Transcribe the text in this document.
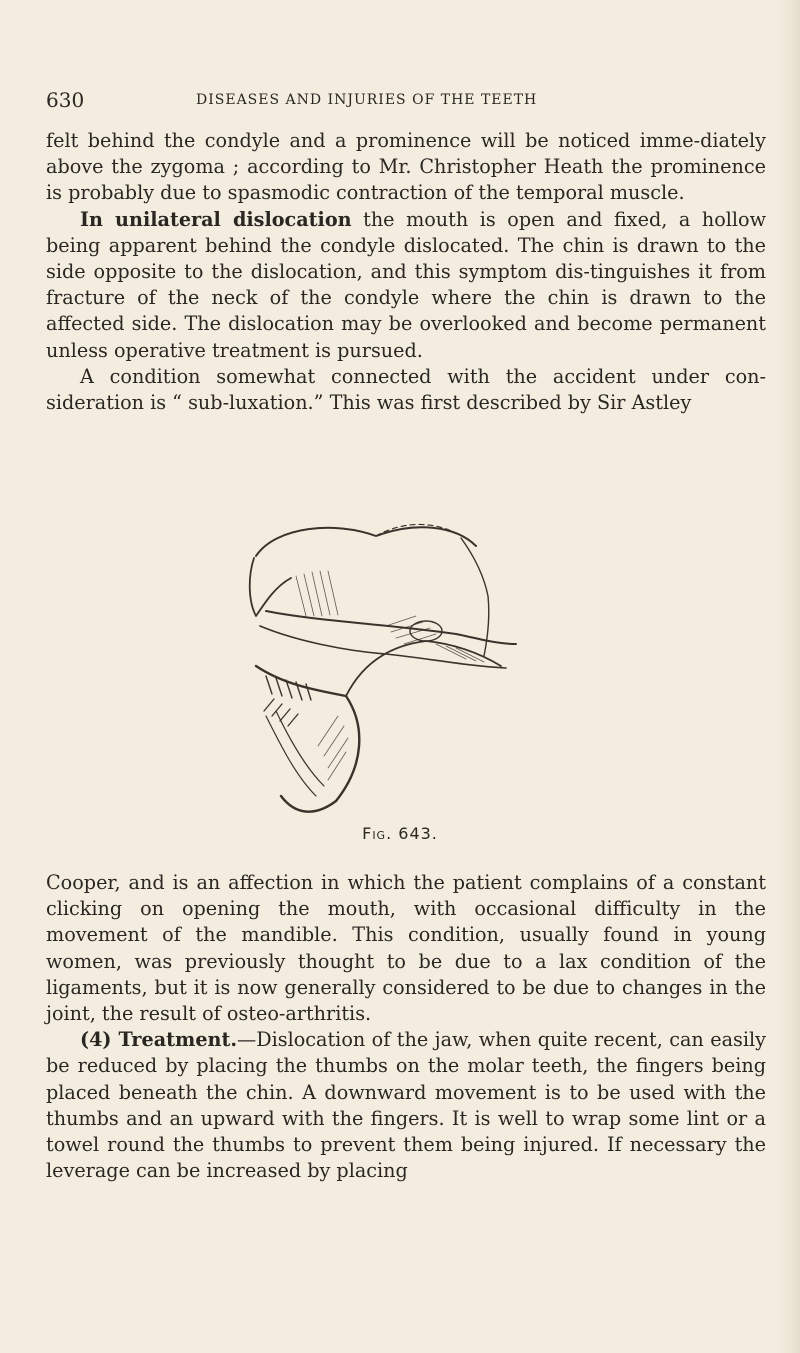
630	DISEASES AND INJURIES OF THE TEETH

felt behind the condyle and a prominence will be noticed imme-diately above the zygoma ; according to Mr. Christopher Heath the prominence is probably due to spasmodic contraction of the temporal muscle.

In unilateral dislocation the mouth is open and fixed, a hollow being apparent behind the condyle dislocated. The chin is drawn to the side opposite to the dislocation, and this symptom dis-tinguishes it from fracture of the neck of the condyle where the chin is drawn to the affected side. The dislocation may be overlooked and become permanent unless operative treatment is pursued.

A condition somewhat connected with the accident under con-sideration is “ sub-luxation.” This was first described by Sir Astley

Fig. 643.

Cooper, and is an affection in which the patient complains of a constant clicking on opening the mouth, with occasional difficulty in the movement of the mandible. This condition, usually found in young women, was previously thought to be due to a lax condition of the ligaments, but it is now generally considered to be due to changes in the joint, the result of osteo-arthritis.

(4) Treatment.—Dislocation of the jaw, when quite recent, can easily be reduced by placing the thumbs on the molar teeth, the fingers being placed beneath the chin. A downward movement is to be used with the thumbs and an upward with the fingers. It is well to wrap some lint or a towel round the thumbs to prevent them being injured. If necessary the leverage can be increased by placing
